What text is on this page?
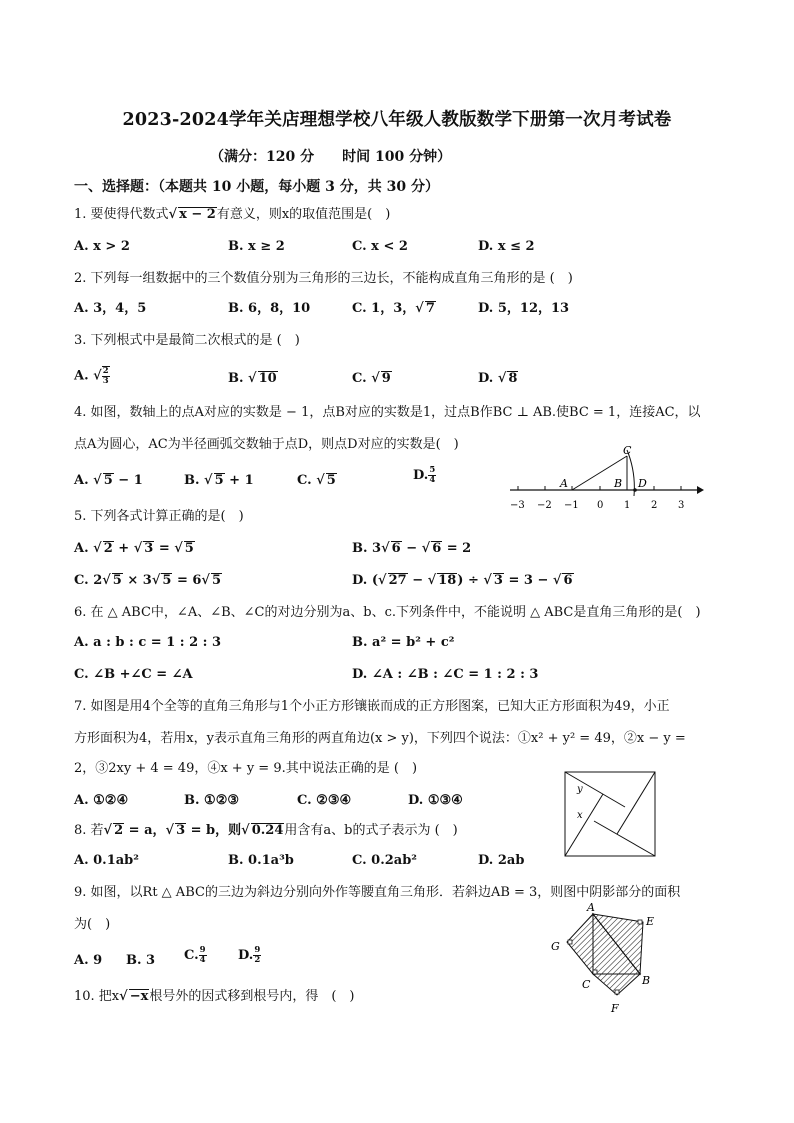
2023-2024学年关店理想学校八年级人教版数学下册第一次月考试卷
（满分：120 分　　时间 100 分钟）
一、选择题：（本题共 10 小题，每小题 3 分，共 30 分）
1. 要使得代数式√ x − 2有意义，则x的取值范围是(　)
A. x > 2	B. x ≥ 2	C. x < 2	D. x ≤ 2
2. 下列每一组数据中的三个数值分别为三角形的三边长，不能构成直角三角形的是 (　)
A. 3，4，5	B. 6，8，10	C. 1，3，√ 7	D. 5，12，13
3. 下列根式中是最简二次根式的是 (　)
A. √ $\frac{2}{3}$	B. √ 10	C. √ 9	D. √ 8
4. 如图，数轴上的点A对应的实数是 − 1，点B对应的实数是1，过点B作BC ⊥ AB.使BC = 1，连接AC，以
点A为圆心，AC为半径画弧交数轴于点D，则点D对应的实数是(　)
A. √ 5 − 1	B. √ 5 + 1	C. √ 5	D. $\frac{5}{4}$	A	B
C
D
−3 −2 −1 0 1 2 3
5. 下列各式计算正确的是(　)
A. √ 2 + √ 3 = √ 5	B. 3√ 6 − √ 6 = 2
C. 2√ 5 × 3√ 5 = 6√ 5	D. (√ 27 − √ 18) ÷ √ 3 = 3 − √ 6
6. 在 △ ABC中，∠A、∠B、∠C的对边分别为a、b、c.下列条件中，不能说明 △ ABC是直角三角形的是(　)
A. a : b : c = 1 : 2 : 3	B. a² = b² + c²
C. ∠B +∠C = ∠A	D. ∠A : ∠B : ∠C = 1 : 2 : 3
7. 如图是用4个全等的直角三角形与1个小正方形镶嵌而成的正方形图案，已知大正方形面积为49，小正
方形面积为4，若用x，y表示直角三角形的两直角边(x > y)，下列四个说法：①x² + y² = 49，②x − y =
2，③2xy + 4 = 49，④x + y = 9.其中说法正确的是 (　)
A. ①②④	B. ①②③	C. ②③④	D. ①③④
y
x
8. 若√ 2 = a，√ 3 = b，则√ 0.24用含有a、b的式子表示为 (　)
A. 0.1ab²	B. 0.1a³b	C. 0.2ab²	D. 2ab
9. 如图，以Rt △ ABC的三边为斜边分别向外作等腰直角三角形．若斜边AB = 3，则图中阴影部分的面积
为(　)
A. 9 B. 3 C. $\frac{9}{4} D$. $\frac{9}{2}$
A
E
G
B
C
F
10. 把x√ −x根号外的因式移到根号内，得　(　)
